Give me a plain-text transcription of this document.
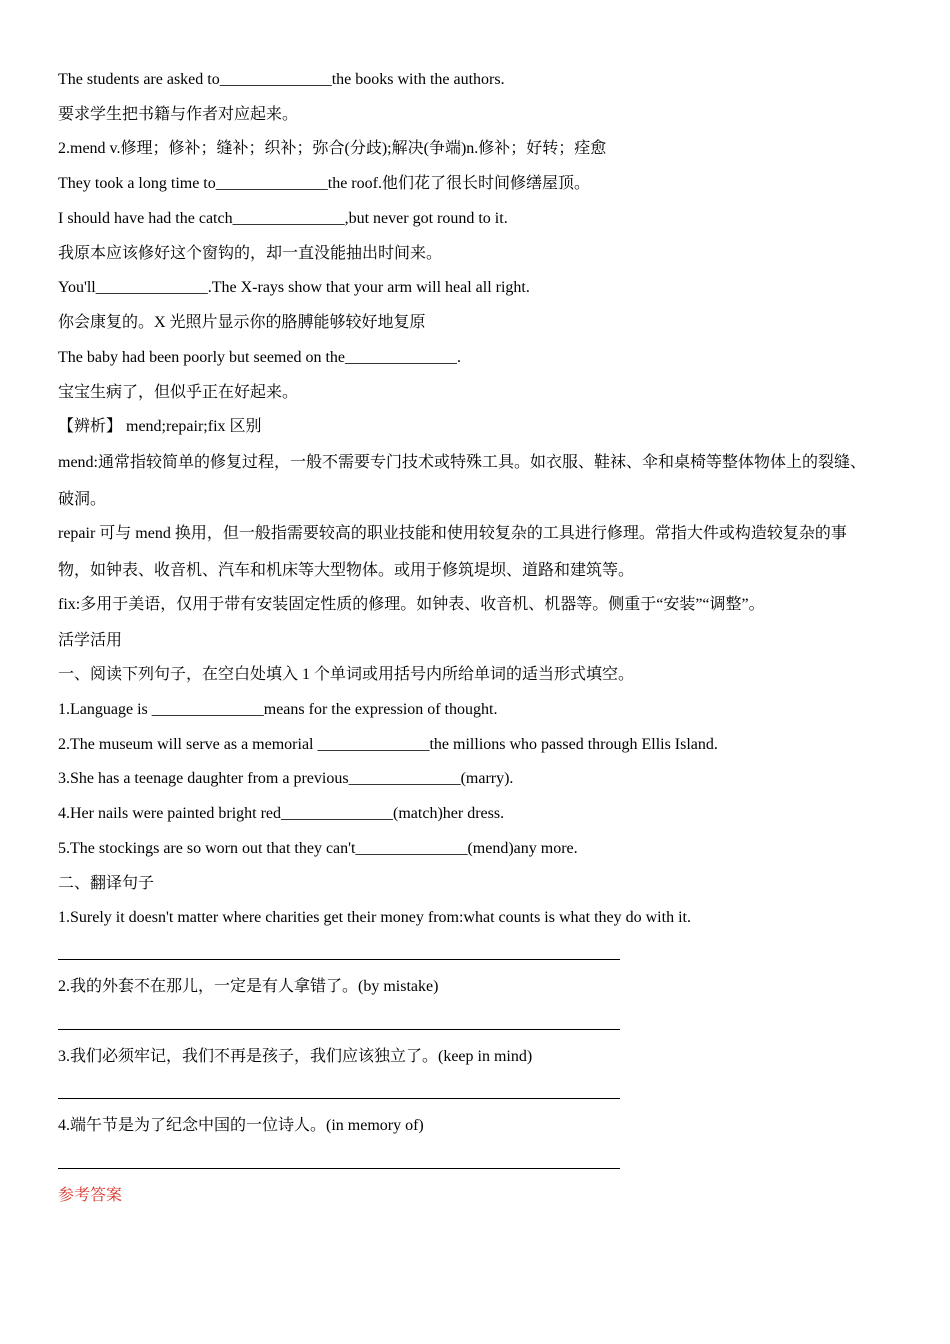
The students are asked to______________the books with the authors.
要求学生把书籍与作者对应起来。
2.mend v.修理；修补；缝补；织补；弥合(分歧);解决(争端)n.修补；好转；痊愈
They took a long time to______________the roof.他们花了很长时间修缮屋顶。
I should have had the catch______________,but never got round to it.
我原本应该修好这个窗钩的，却一直没能抽出时间来。
You'll______________.The X-rays show that your arm will heal all right.
你会康复的。X 光照片显示你的胳膊能够较好地复原
The baby had been poorly but seemed on the______________.
宝宝生病了，但似乎正在好起来。
【辨析】 mend;repair;fix 区别
mend:通常指较简单的修复过程，一般不需要专门技术或特殊工具。如衣服、鞋袜、伞和桌椅等整体物体上的裂缝、
破洞。
repair 可与 mend 换用，但一般指需要较高的职业技能和使用较复杂的工具进行修理。常指大件或构造较复杂的事
物，如钟表、收音机、汽车和机床等大型物体。或用于修筑堤坝、道路和建筑等。
fix:多用于美语，仅用于带有安装固定性质的修理。如钟表、收音机、机器等。侧重于“安装”“调整”。
活学活用
一、阅读下列句子，在空白处填入 1 个单词或用括号内所给单词的适当形式填空。
1.Language is ______________means for the expression of thought.
2.The museum will serve as a memorial ______________the millions who passed through Ellis Island.
3.She has a teenage daughter from a previous______________(marry).
4.Her nails were painted bright red______________(match)her dress.
5.The stockings are so worn out that they can't______________(mend)any more.
二、翻译句子
1.Surely it doesn't matter where charities get their money from:what counts is what they do with it.
2.我的外套不在那儿，一定是有人拿错了。(by mistake)
3.我们必须牢记，我们不再是孩子，我们应该独立了。(keep in mind)
4.端午节是为了纪念中国的一位诗人。(in memory of)
参考答案
